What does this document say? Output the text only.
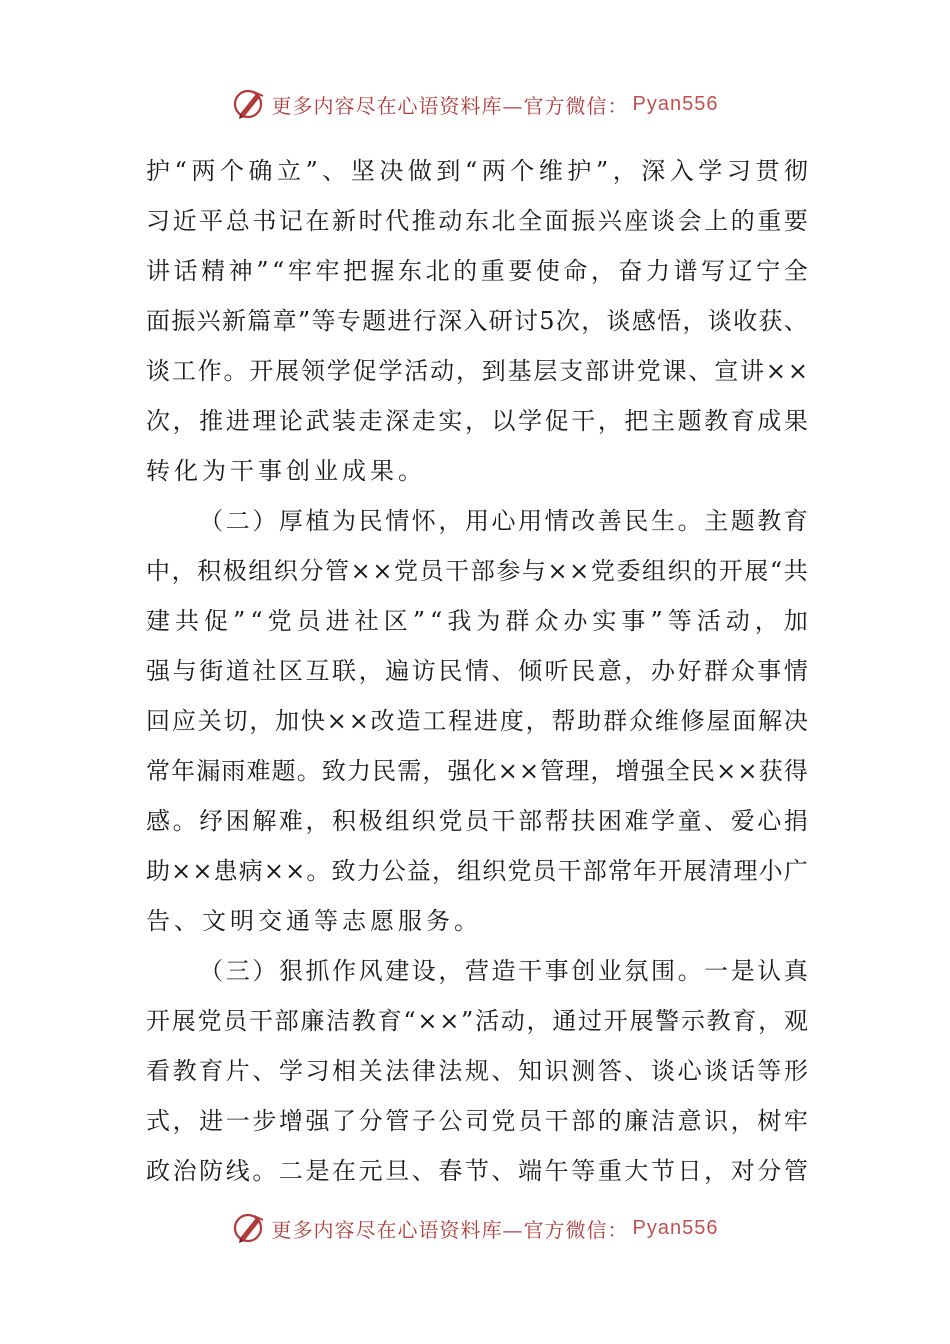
更多内容尽在心语资料库—官方微信： Pyan556
护 “ 两 个 确 立 ” 、 坚 决 做 到 “ 两 个 维 护 ” ， 深 入 学 习 贯 彻
习 近 平 总 书 记 在 新 时 代 推 动 东 北 全 面 振 兴 座 谈 会 上 的 重 要
讲 话 精 神 ” “ 牢 牢 把 握 东 北 的 重 要 使 命 ， 奋 力 谱 写 辽 宁 全
面 振 兴 新 篇 章 ” 等 专 题 进 行 深 入 研 讨 5 次 ， 谈 感 悟 ， 谈 收 获 、
谈 工 作 。 开 展 领 学 促 学 活 动 ， 到 基 层 支 部 讲 党 课 、 宣 讲 × ×
次 ， 推 进 理 论 武 装 走 深 走 实 ， 以 学 促 干 ， 把 主 题 教 育 成 果
转化为干事创业成果。

（ 二 ） 厚 植 为 民 情 怀 ， 用 心 用 情 改 善 民 生 。 主 题 教 育
中 ， 积 极 组 织 分 管 × × 党 员 干 部 参 与 × × 党 委 组 织 的 开 展 “ 共
建 共 促 ” “ 党 员 进 社 区 ” “ 我 为 群 众 办 实 事 ” 等 活 动 ， 加
强 与 街 道 社 区 互 联 ， 遍 访 民 情 、 倾 听 民 意 ， 办 好 群 众 事 情
回 应 关 切 ， 加 快 × × 改 造 工 程 进 度 ， 帮 助 群 众 维 修 屋 面 解 决
常 年 漏 雨 难 题 。 致 力 民 需 ， 强 化 × × 管 理 ， 增 强 全 民 × × 获 得
感 。 纾 困 解 难 ， 积 极 组 织 党 员 干 部 帮 扶 困 难 学 童 、 爱 心 捐
助 × × 患 病 × × 。 致 力 公 益 ， 组 织 党 员 干 部 常 年 开 展 清 理 小 广
告、文明交通等志愿服务。

（ 三 ） 狠 抓 作 风 建 设 ， 营 造 干 事 创 业 氛 围 。 一 是 认 真
开 展 党 员 干 部 廉 洁 教 育 “ × × ” 活 动 ， 通 过 开 展 警 示 教 育 ， 观
看 教 育 片 、 学 习 相 关 法 律 法 规 、 知 识 测 答 、 谈 心 谈 话 等 形
式 ， 进 一 步 增 强 了 分 管 子 公 司 党 员 干 部 的 廉 洁 意 识 ， 树 牢
政 治 防 线 。 二 是 在 元 旦 、 春 节 、 端 午 等 重 大 节 日 ， 对 分 管
更多内容尽在心语资料库—官方微信： Pyan556
